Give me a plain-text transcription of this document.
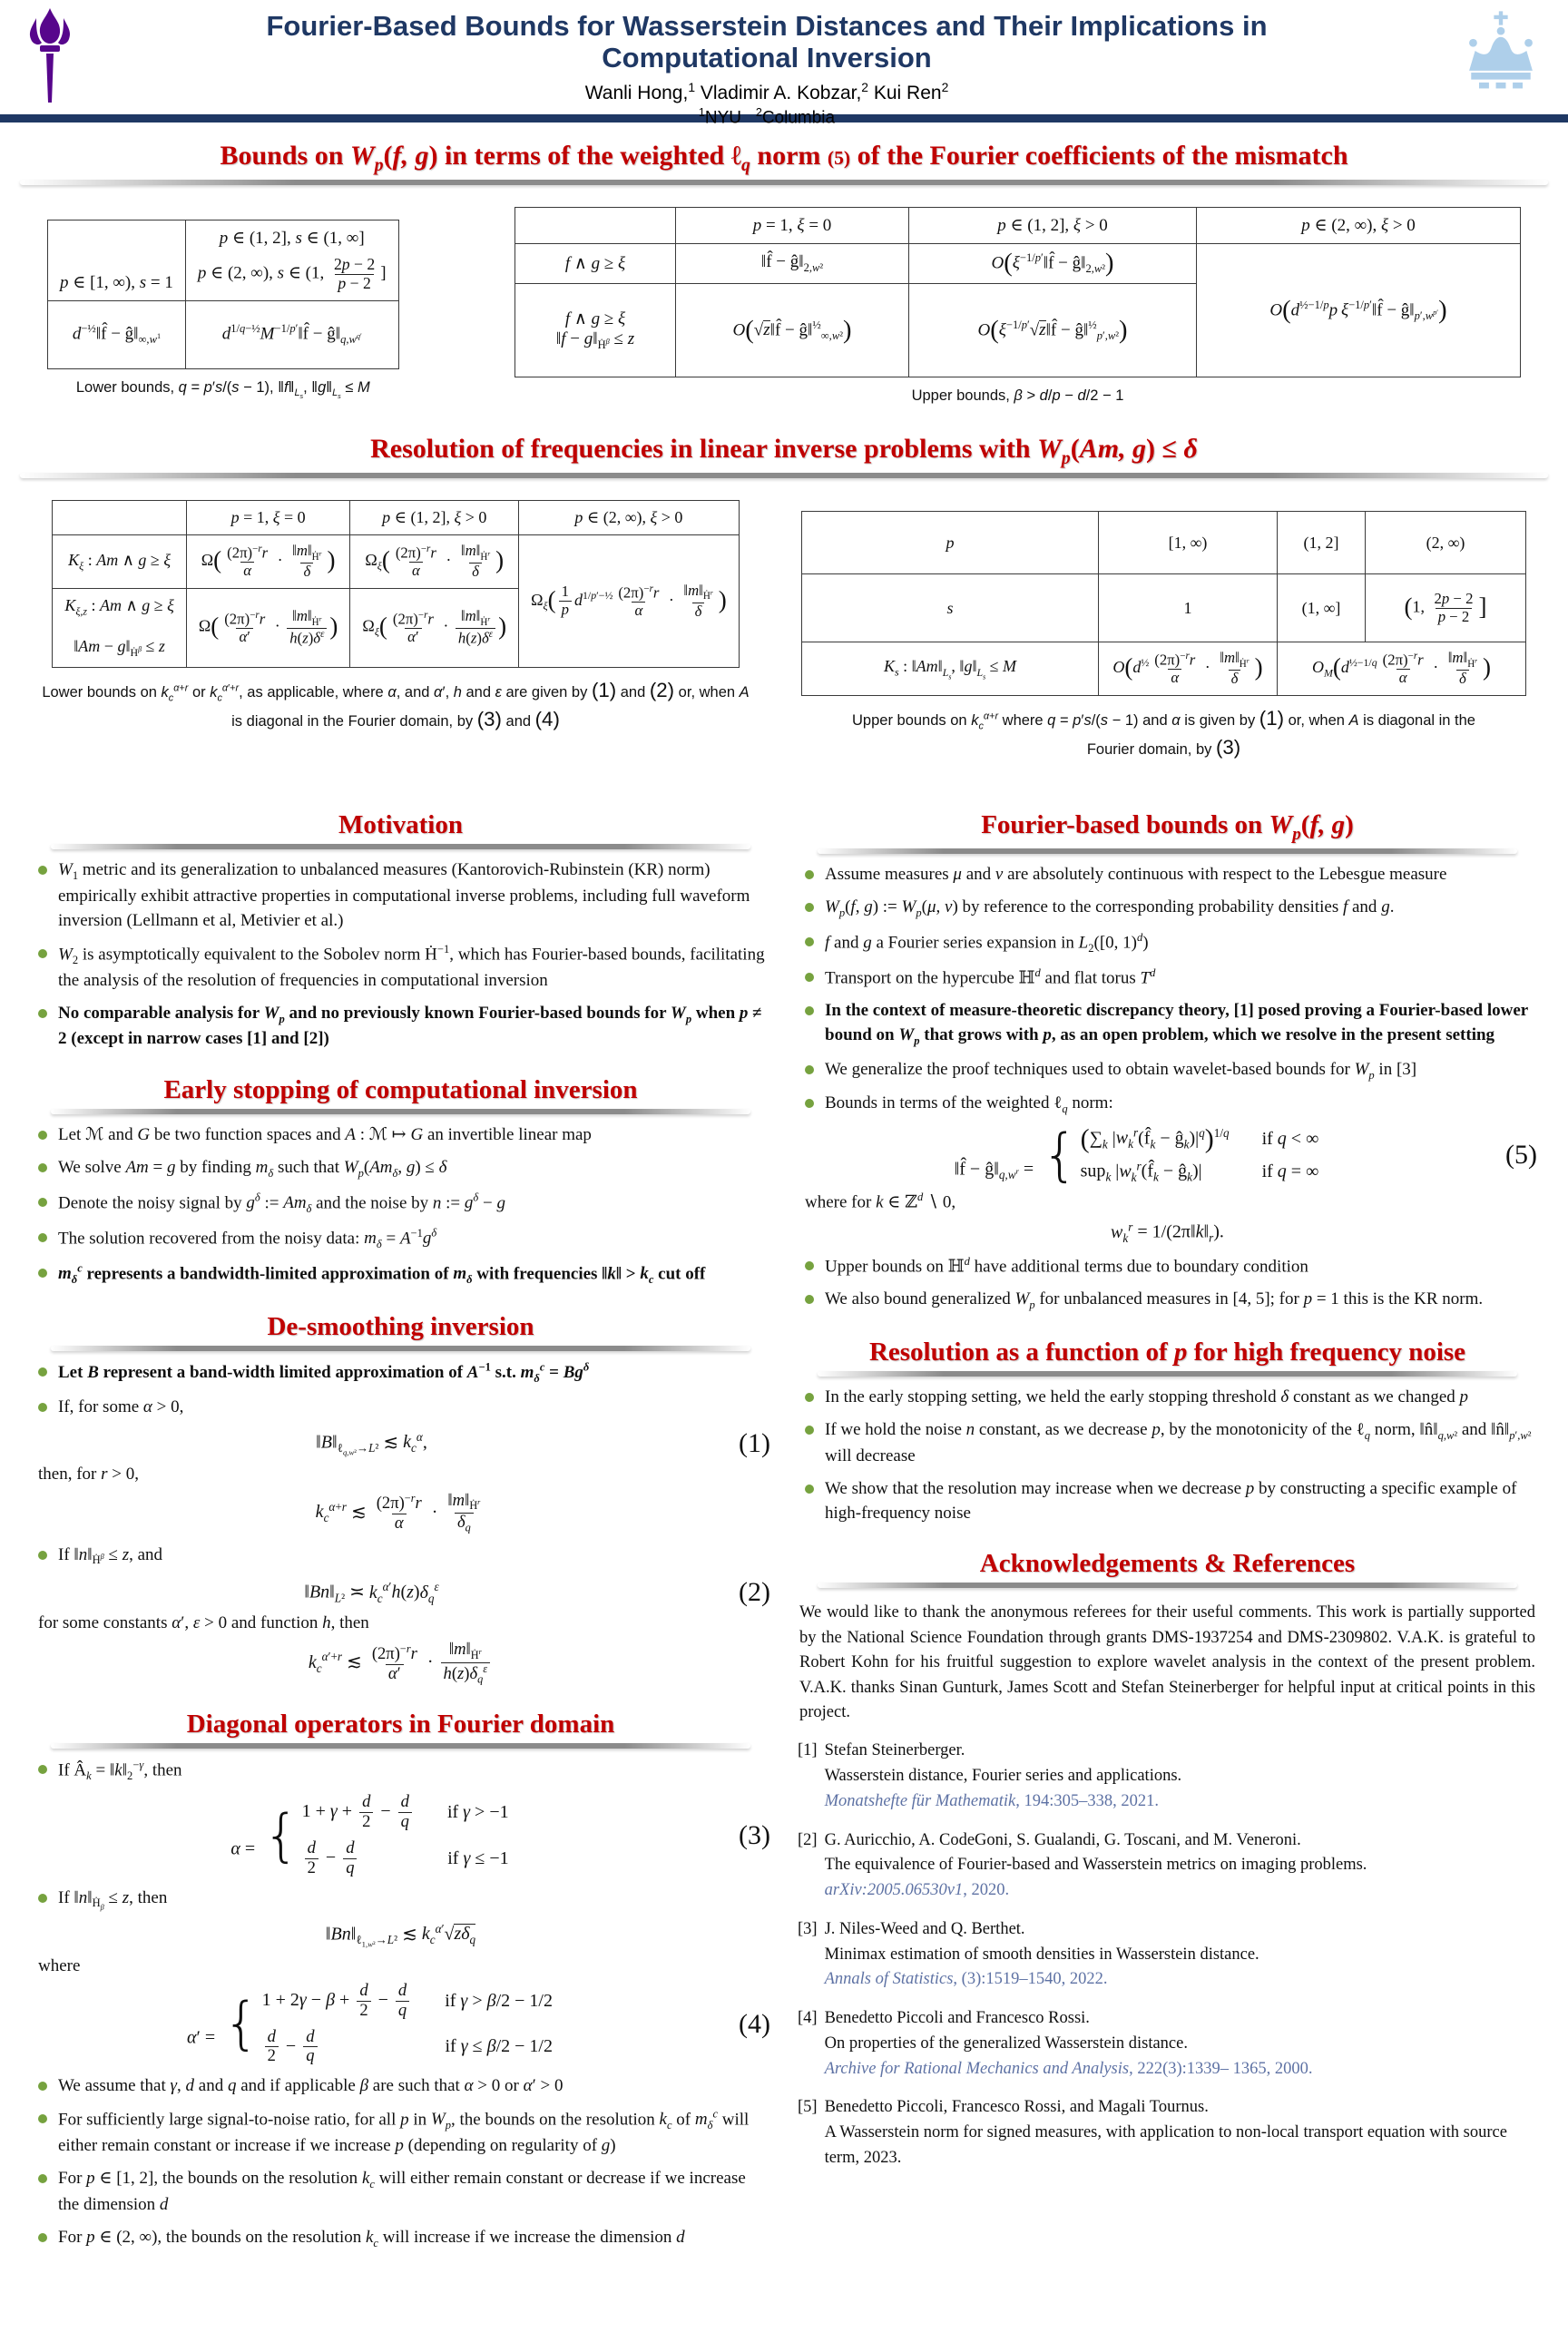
Fourier-Based Bounds for Wasserstein Distances and Their Implications in
Computational Inversion
Wanli Hong,$^1$ Vladimir A. Kobzar,$^2$ Kui Ren$^2$
$^1$NYU   $^2$Columbia
Bounds on $W_p(f$, g) in terms of the weighted ℓ$_q$ norm (5) of the Fourier coefficients of the mismatch
p ∈ [1, ∞), s = 1	p ∈ (1, 2], s ∈ (1, ∞]
p ∈ (2, ∞), s ∈ (1, $\frac{2p - 2}{p - 2}$ ]

$d^{-\frac{1}{2}}‖f̂$ − $ĝ‖_{\infty,w^1}$	$d^{1/q-\frac{1}{2}}M^{-1/p'}‖f̂$ − $ĝ‖_{q,w^{q'}}$
Lower bounds, q = p′s/(s − 1), $‖f‖_{L_s}$, $‖g‖_{L_s} \le M$
	p = 1, ξ = 0	p ∈ (1, 2], ξ > 0	p ∈ (2, ∞), ξ > 0
f ∧ g ≥ ξ	‖f̂ − $ĝ‖_{2,w^2}$	$O(\xi^{-1/p'}‖f̂$ − $ĝ‖_{2,w^2}$)	$O(d^{\frac{1}{2}-1/p}p$  $\xi^{-1/p'}‖f̂$ − $ĝ‖_{p',w^{p'}}$)
f ∧ g ≥ ξ
‖f − $g‖_{Ḣ^\beta} \le z$	O(√z‖f̂ − ĝ‖$^{\frac{1}{2}}_{\infty,w^2}$)	$O(\xi^{-1/p'}√z‖f̂$ − ĝ‖$^{\frac{1}{2}}_{p',w^2}$)	
Upper bounds, β > d/p − d/2 − 1
Resolution of frequencies in linear inverse problems with $W_p(Am$, g) ≤ δ
	p = 1, ξ = 0	p ∈ (1, 2], ξ > 0	p ∈ (2, ∞), ξ > 0
$K_\xi$ : Am ∧ g ≥ ξ	$\Omega( \frac{(2\pi)^{-r}r}{\alpha} \cdot \frac{‖m‖_{Ḣ^r}}{\delta}$ )	$\Omega_\xi( \frac{(2\pi)^{-r}r}{\alpha} \cdot \frac{‖m‖_{Ḣ^r}}{\delta}$ )	$\Omega_\xi( \frac{1}{p} d^{1/p'-\frac{1}{2}} \frac{(2\pi)^{-r}r}{\alpha} \cdot \frac{‖m‖_{Ḣ^r}}{\delta}$ )
$K_{\xi,z}$ : Am ∧ g ≥ ξ

‖Am − $g‖_{Ḣ^\beta} \le z$	$\Omega( \frac{(2\pi)^{-r}r}{\alpha'} \cdot \frac{‖m‖_{Ḣ^r}}{h(z)\delta^\varepsilon}$ )	$\Omega_\xi( \frac{(2\pi)^{-r}r}{\alpha'} \cdot \frac{‖m‖_{Ḣ^r}}{h(z)\delta^\varepsilon}$ )
Lower bounds on $k_c^{\alpha+r}$ or $k_c^{\alpha'+r}$, as applicable, where α, and α′, h and ε are given by (1) and (2) or, when A is diagonal in the Fourier domain, by (3) and (4)
p	[1, ∞)	(1, 2]	(2, ∞)
s	1	(1, ∞]	(1, $\frac{2p - 2}{p - 2}$ ]
$K_s$ : $‖Am‖_{L_s}$, $‖g‖_{L_s} \le M$	$O(d^{\frac{1}{2}} \frac{(2\pi)^{-r}r}{\alpha} \cdot \frac{‖m‖_{Ḣ^r}}{\delta}$ )	$O_M(d^{\frac{1}{2}-1/q} \frac{(2\pi)^{-r}r}{\alpha} \cdot \frac{‖m‖_{Ḣ^r}}{\delta}$ )
Upper bounds on $k_c^{\alpha+r}$ where q = p′s/(s − 1) and α is given by (1) or, when A is diagonal in the Fourier domain, by (3)
Motivation
$W_1$ metric and its generalization to unbalanced measures (Kantorovich-Rubinstein (KR) norm) empirically exhibit attractive properties in computational inverse problems, including full waveform inversion (Lellmann et al, Metivier et al.)
$W_2$ is asymptotically equivalent to the Sobolev norm Ḣ$^{-1}$, which has Fourier-based bounds, facilitating the analysis of the resolution of frequencies in computational inversion
No comparable analysis for $W_p$ and no previously known Fourier-based bounds for $W_p$ when p ≠ 2 (except in narrow cases [1] and [2])
Early stopping of computational inversion
Let ℳ and G be two function spaces and A : ℳ ↦ G an invertible linear map
We solve Am = g by finding $m_\delta$ such that $W_p(Am_\delta$, g) ≤ δ
Denote the noisy signal by $g^\delta$ := $Am_\delta$ and the noise by n := $g^\delta - g$
The solution recovered from the noisy data: $m_\delta = A^{-1}g^\delta$
$m_\delta^c$ represents a bandwidth-limited approximation of $m_\delta$ with frequencies ‖k‖ > $k_c$ cut off
De-smoothing inversion
Let B represent a band-width limited approximation of $A^{-1}$ s.t. $m_\delta^c = Bg^\delta$
If, for some α > 0,
$‖B‖_{\ell_{q,w^2}\to L^2}$ ≲ $k_c^\alpha$,	(1)
then, for r > 0,
$k_c^{\alpha+r}$ ≲ $\frac{(2\pi)^{-r}r}{\alpha} \cdot \frac{‖m‖_{Ḣ^r}}{\delta_q}$
If $‖n‖_{Ḣ^\beta} \le z$, and
$‖Bn‖_{L^2}$ ≍ $k_c^{\alpha'}h(z)\delta_q^\varepsilon$	(2)
for some constants α′, ε > 0 and function h, then
$k_c^{\alpha'+r}$ ≲ $\frac{(2\pi)^{-r}r}{\alpha'}$ ·
$‖m‖_{Ḣ^r}$
$h(z)\delta_q^\varepsilon$
Diagonal operators in Fourier domain
If $Â_k$ = $‖k‖_2^{-\gamma}$, then
α = { $1 + \gamma + \frac{d}{2} - \frac{d}{q}$ if γ > −1
$\frac{d}{2} - \frac{d}{q}$	if γ ≤ −1
(3)
If $‖n‖_{Ḣ_\beta} \le z$, then
$‖Bn‖_{\ell_{1,w^2}\to L^2}$ ≲ $k_c^{\alpha'}√z\delta_q$
where
α′ = { $1 + 2\gamma - \beta + \frac{d}{2} - \frac{d}{q}$ if γ > β/2 − 1/2
$\frac{d}{2} - \frac{d}{q}$	if γ ≤ β/2 − 1/2
(4)
We assume that γ, d and q and if applicable β are such that α > 0 or α′ > 0
For sufficiently large signal-to-noise ratio, for all p in $W_p$, the bounds on the resolution $k_c$ of $m_\delta^c$ will either remain constant or increase if we increase p (depending on regularity of g)
For p ∈ [1, 2], the bounds on the resolution $k_c$ will either remain constant or decrease if we increase the dimension d
For p ∈ (2, ∞), the bounds on the resolution $k_c$ will increase if we increase the dimension d
Fourier-based bounds on $W_p(f$, g)
Assume measures μ and ν are absolutely continuous with respect to the Lebesgue measure
$W_p(f$, g) := $W_p(\mu$, ν) by reference to the corresponding probability densities f and g.
f and g a Fourier series expansion in $L_2([0$, 1)$^d$)
Transport on the hypercube ℍ$^d$ and flat torus $T^d$
In the context of measure-theoretic discrepancy theory, [1] posed proving a Fourier-based lower bound on $W_p$ that grows with p, as an open problem, which we resolve in the present setting
We generalize the proof techniques used to obtain wavelet-based bounds for $W_p$ in [3]
Bounds in terms of the weighted ℓ$_q$ norm:
‖f̂ − $ĝ‖_{q,w^r}$ = { ($\sum_k$ $|w_k^r(f̂_k$ − $ĝ_k)|^q)^{1/q}$ if q < ∞
sup$_k$ $|w_k^r(f̂_k$ − $ĝ_k)|$	if q = ∞
(5)
where for k ∈ ℤ$^d$ ∖ 0,
$w_k^r$ = $1/(2\pi‖k‖_r)$.
Upper bounds on ℍ$^d$ have additional terms due to boundary condition
We also bound generalized $W_p$ for unbalanced measures in [4, 5]; for p = 1 this is the KR norm.
Resolution as a function of p for high frequency noise
In the early stopping setting, we held the early stopping threshold δ constant as we changed p
If we hold the noise n constant, as we decrease p, by the monotonicity of the ℓ$_q$ norm, $‖n̂‖_{q,w^2}$ and $‖n̂‖_{p',w^2}$ will decrease
We show that the resolution may increase when we decrease p by constructing a specific example of high-frequency noise
Acknowledgements & References
We would like to thank the anonymous referees for their useful comments. This work is partially supported by the National Science Foundation through grants DMS-1937254 and DMS-2309802. V.A.K. is grateful to Robert Kohn for his fruitful suggestion to explore wavelet analysis in the context of the present problem. V.A.K. thanks Sinan Gunturk, James Scott and Stefan Steinerberger for helpful input at critical points in this project.
[1] Stefan Steinerberger.
Wasserstein distance, Fourier series and applications.
Monatshefte für Mathematik, 194:305–338, 2021.
[2] G. Auricchio, A. CodeGoni, S. Gualandi, G. Toscani, and M. Veneroni.
The equivalence of Fourier-based and Wasserstein metrics on imaging problems.
arXiv:2005.06530v1, 2020.
[3] J. Niles-Weed and Q. Berthet.
Minimax estimation of smooth densities in Wasserstein distance.
Annals of Statistics, (3):1519–1540, 2022.
[4] Benedetto Piccoli and Francesco Rossi.
On properties of the generalized Wasserstein distance.
Archive for Rational Mechanics and Analysis, 222(3):1339– 1365, 2000.
[5] Benedetto Piccoli, Francesco Rossi, and Magali Tournus.
A Wasserstein norm for signed measures, with application to non-local transport equation with source term, 2023.
